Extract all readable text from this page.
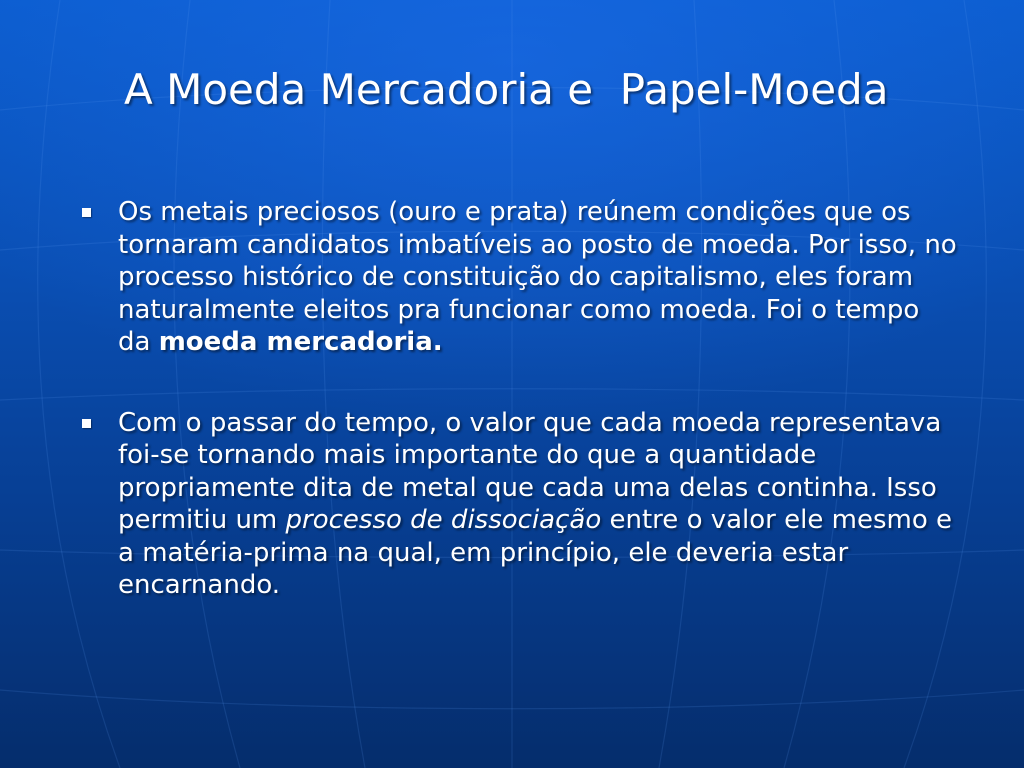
A Moeda Mercadoria e  Papel-Moeda
Os metais preciosos (ouro e prata) reúnem condições que os tornaram candidatos imbatíveis ao posto de moeda. Por isso, no processo histórico de constituição do capitalismo, eles foram naturalmente eleitos pra funcionar como moeda. Foi o tempo da moeda mercadoria.
Com o passar do tempo, o valor que cada moeda representava foi-se tornando mais importante do que a quantidade propriamente dita de metal que cada uma delas continha. Isso permitiu um processo de dissociação entre o valor ele mesmo e a matéria-prima na qual, em princípio, ele deveria estar encarnando.
